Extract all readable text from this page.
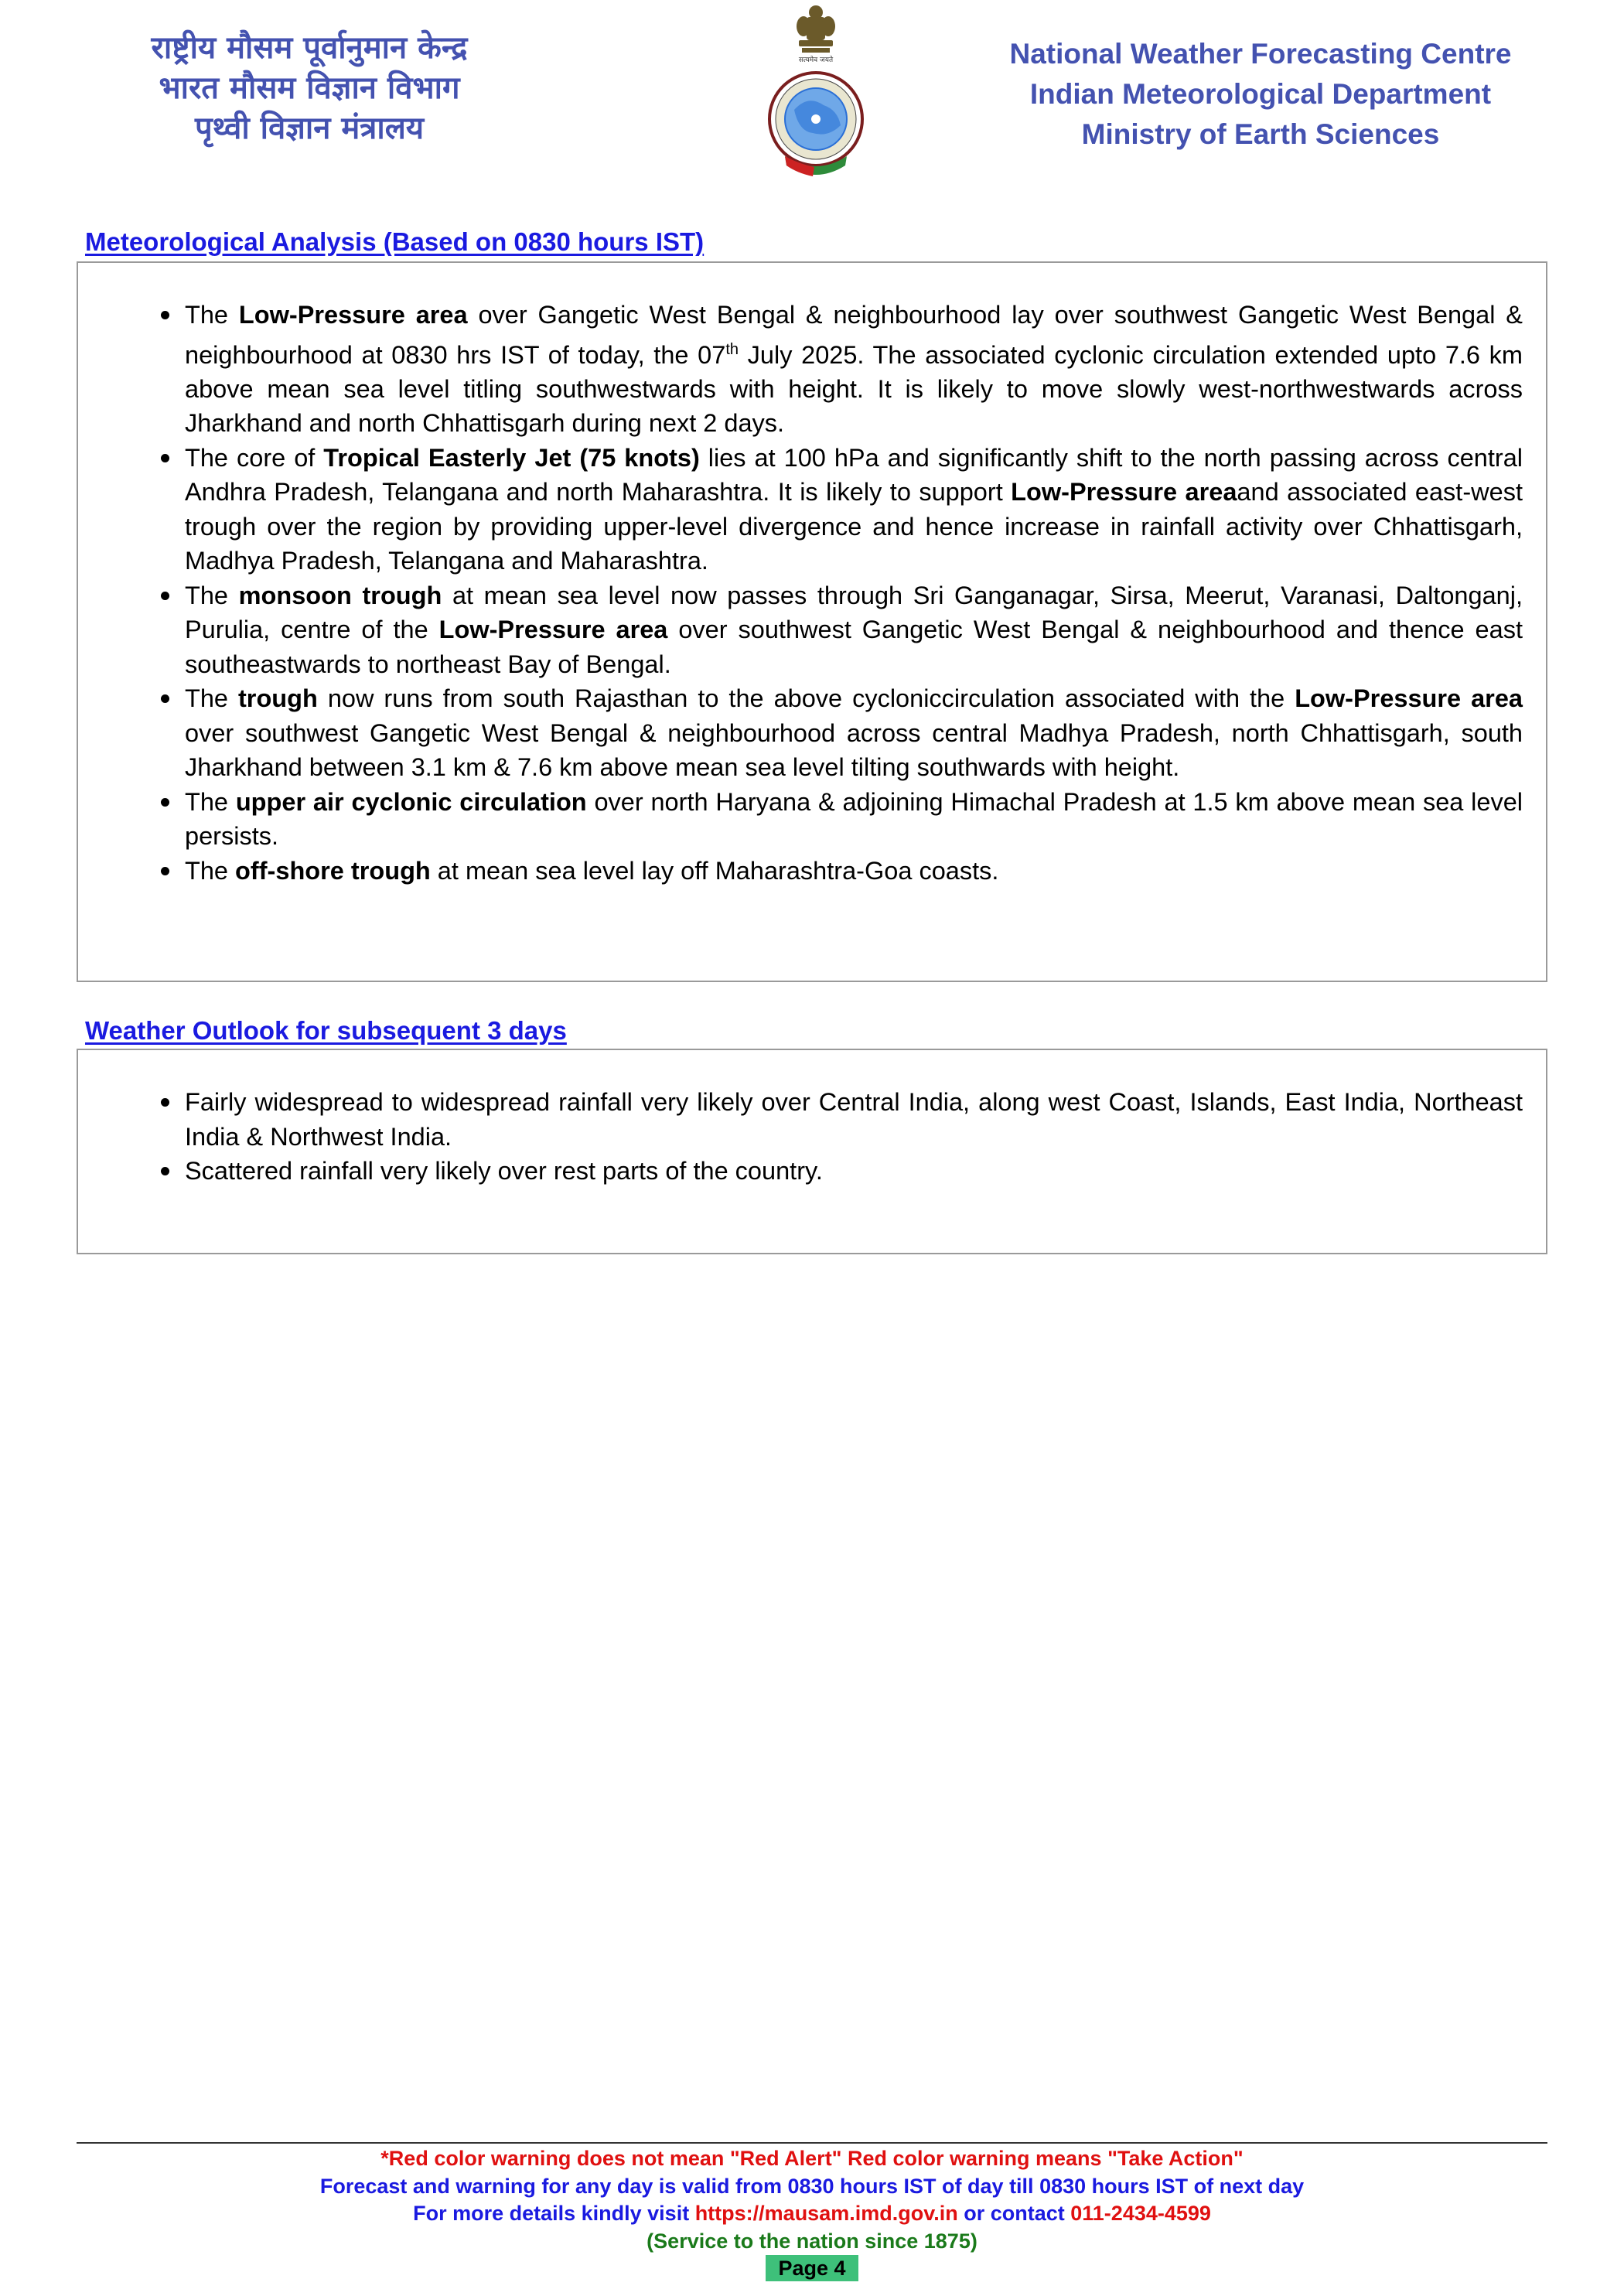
राष्ट्रीय मौसम पूर्वानुमान केन्द्र
भारत मौसम विज्ञान विभाग
पृथ्वी विज्ञान मंत्रालय
सत्यमेव जयते	National Weather Forecasting Centre
Indian Meteorological Department
Ministry of Earth Sciences
Meteorological Analysis (Based on 0830 hours IST)
The Low-Pressure area over Gangetic West Bengal & neighbourhood lay over southwest Gangetic West Bengal & neighbourhood at 0830 hrs IST of today, the 07th July 2025. The associated cyclonic circulation extended upto 7.6 km above mean sea level titling southwestwards with height. It is likely to move slowly west-northwestwards across Jharkhand and north Chhattisgarh during next 2 days.
The core of Tropical Easterly Jet (75 knots) lies at 100 hPa and significantly shift to the north passing across central Andhra Pradesh, Telangana and north Maharashtra. It is likely to support Low-Pressure areaand associated east-west trough over the region by providing upper-level divergence and hence increase in rainfall activity over Chhattisgarh, Madhya Pradesh, Telangana and Maharashtra.
The monsoon trough at mean sea level now passes through Sri Ganganagar, Sirsa, Meerut, Varanasi, Daltonganj, Purulia, centre of the Low-Pressure area over southwest Gangetic West Bengal & neighbourhood and thence east southeastwards to northeast Bay of Bengal.
The trough now runs from south Rajasthan to the above cycloniccirculation associated with the Low-Pressure area over southwest Gangetic West Bengal & neighbourhood across central Madhya Pradesh, north Chhattisgarh, south Jharkhand between 3.1 km & 7.6 km above mean sea level tilting southwards with height.
The upper air cyclonic circulation over north Haryana & adjoining Himachal Pradesh at 1.5 km above mean sea level persists.
The off-shore trough at mean sea level lay off Maharashtra-Goa coasts.
Weather Outlook for subsequent 3 days
Fairly widespread to widespread rainfall very likely over Central India, along west Coast, Islands, East India, Northeast India & Northwest India.
Scattered rainfall very likely over rest parts of the country.
*Red color warning does not mean "Red Alert" Red color warning means "Take Action"
Forecast and warning for any day is valid from 0830 hours IST of day till 0830 hours IST of next day
For more details kindly visit https://mausam.imd.gov.in or contact 011-2434-4599
(Service to the nation since 1875)
Page 4
